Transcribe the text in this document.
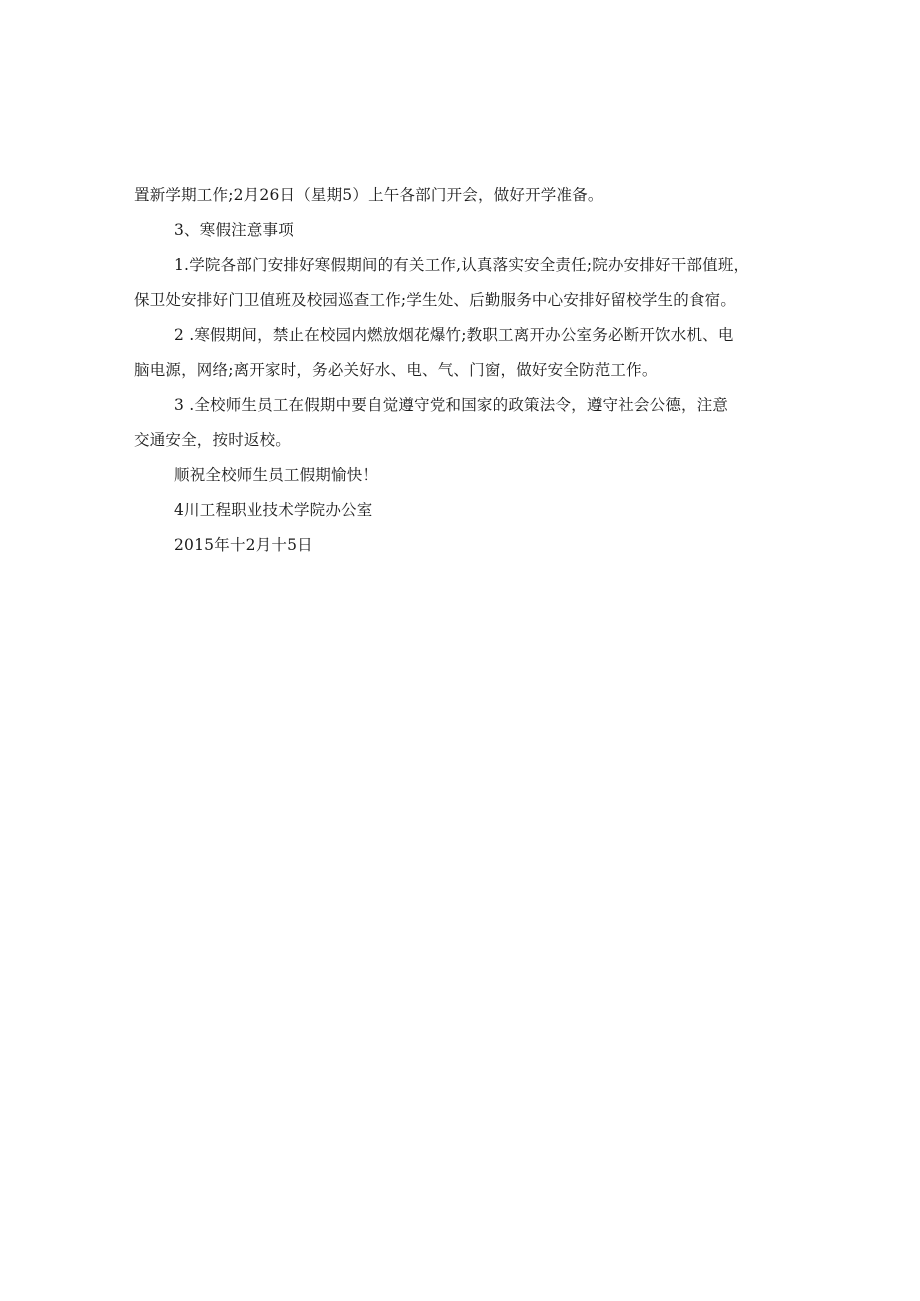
置新学期工作;2月26日（星期5）上午各部门开会，做好开学准备。
3、寒假注意事项
1.学院各部门安排好寒假期间的有关工作,认真落实安全责任;院办安排好干部值班，
保卫处安排好门卫值班及校园巡查工作;学生处、后勤服务中心安排好留校学生的食宿。
2 .寒假期间，禁止在校园内燃放烟花爆竹;教职工离开办公室务必断开饮水机、电
脑电源，网络;离开家时，务必关好水、电、气、门窗，做好安全防范工作。
3 .全校师生员工在假期中要自觉遵守党和国家的政策法令，遵守社会公德，注意
交通安全，按时返校。
顺祝全校师生员工假期愉快！
4川工程职业技术学院办公室
2015年十2月十5日
